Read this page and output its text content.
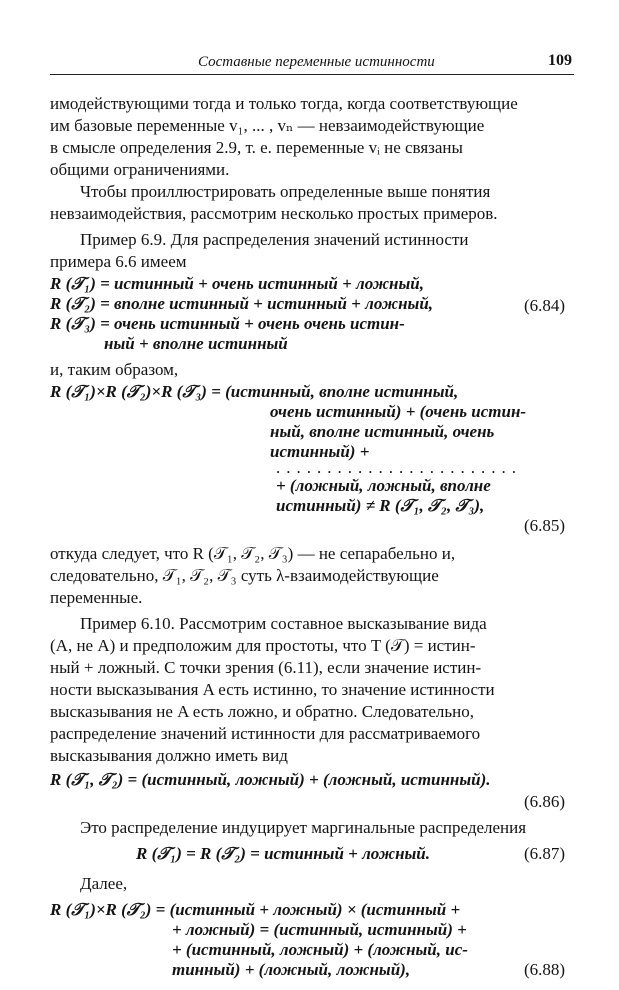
Составные переменные истинности	109
имодействующими тогда и только тогда, когда соответствующие
им базовые переменные v₁, ... , vₙ — невзаимодействующие
в смысле определения 2.9, т. е. переменные vᵢ не связаны
общими ограничениями.
Чтобы проиллюстрировать определенные выше понятия
невзаимодействия, рассмотрим несколько простых примеров.
Пример 6.9. Для распределения значений истинности
примера 6.6 имеем
R (𝒯₁) = истинный + очень истинный + ложный,
R (𝒯₂) = вполне истинный + истинный + ложный,
R (𝒯₃) = очень истинный + очень очень истин-
ный + вполне истинный
(6.84)
и, таким образом,
R (𝒯₁)×R (𝒯₂)×R (𝒯₃) = (истинный, вполне истинный,
очень истинный) + (очень истин-
ный, вполне истинный, очень
истинный) +
........................
+ (ложный, ложный, вполне
истинный) ≠ R (𝒯₁, 𝒯₂, 𝒯₃),
(6.85)
откуда следует, что R (𝒯₁, 𝒯₂, 𝒯₃) — не сепарабельно и,
следовательно, 𝒯₁, 𝒯₂, 𝒯₃ суть λ-взаимодействующие
переменные.
Пример 6.10. Рассмотрим составное высказывание вида
(A, не A) и предположим для простоты, что T (𝒯) = истин-
ный + ложный. С точки зрения (6.11), если значение истин-
ности высказывания A есть истинно, то значение истинности
высказывания не A есть ложно, и обратно. Следовательно,
распределение значений истинности для рассматриваемого
высказывания должно иметь вид
R (𝒯₁, 𝒯₂) = (истинный, ложный) + (ложный, истинный).
(6.86)
Это распределение индуцирует маргинальные распределения
R (𝒯₁) = R (𝒯₂) = истинный + ложный.	(6.87)
Далее,
R (𝒯₁)×R (𝒯₂) = (истинный + ложный) × (истинный +
+ ложный) = (истинный, истинный) +
+ (истинный, ложный) + (ложный, ис-
тинный) + (ложный, ложный),	(6.88)
